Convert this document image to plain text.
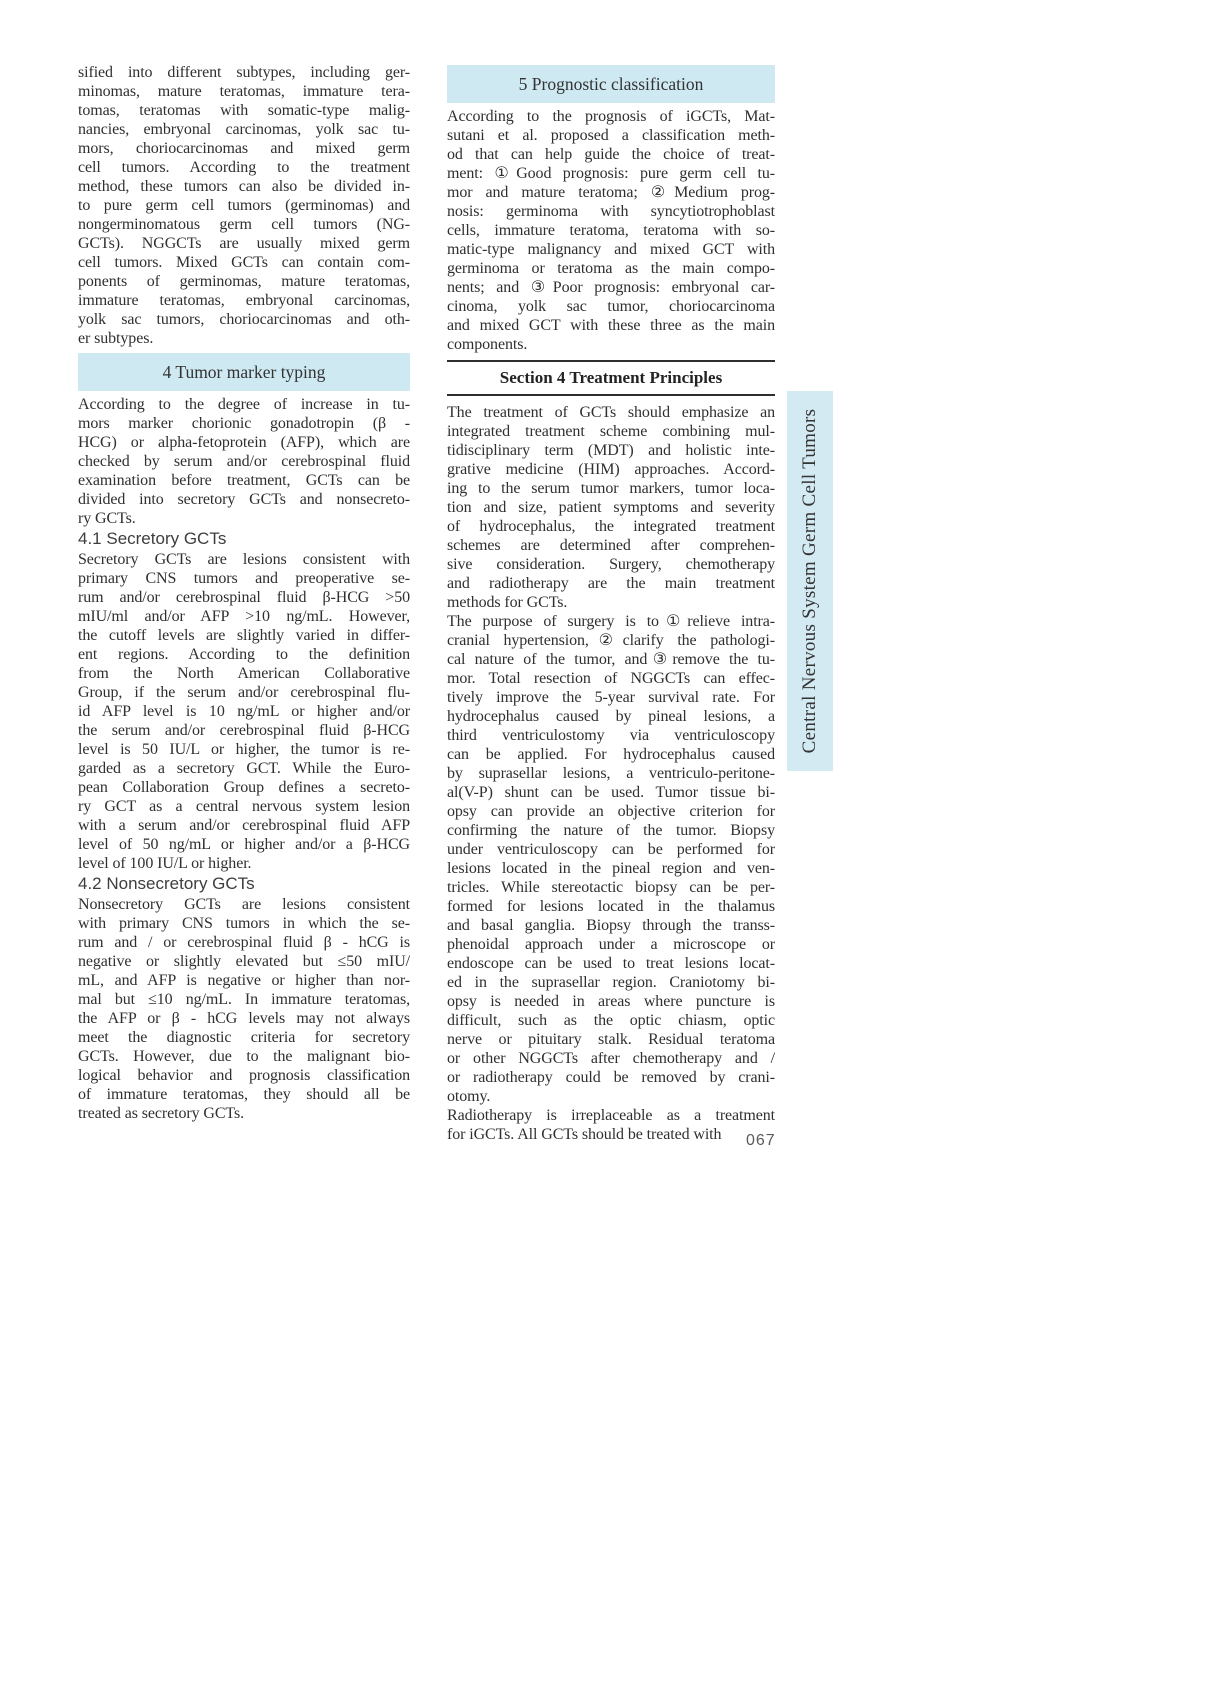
sified into different subtypes, including ger-
minomas, mature teratomas, immature tera-
tomas, teratomas with somatic-type malig-
nancies, embryonal carcinomas, yolk sac tu-
mors, choriocarcinomas and mixed germ
cell tumors. According to the treatment
method, these tumors can also be divided in-
to pure germ cell tumors (germinomas) and
nongerminomatous germ cell tumors (NG-
GCTs). NGGCTs are usually mixed germ
cell tumors. Mixed GCTs can contain com-
ponents of germinomas, mature teratomas,
immature teratomas, embryonal carcinomas,
yolk sac tumors, choriocarcinomas and oth-
er subtypes.
4 Tumor marker typing
According to the degree of increase in tu-
mors marker chorionic gonadotropin (β -
HCG) or alpha-fetoprotein (AFP), which are
checked by serum and/or cerebrospinal fluid
examination before treatment, GCTs can be
divided into secretory GCTs and nonsecreto-
ry GCTs.
4.1 Secretory GCTs
Secretory GCTs are lesions consistent with
primary CNS tumors and preoperative se-
rum and/or cerebrospinal fluid β-HCG >50
mIU/ml and/or AFP >10 ng/mL. However,
the cutoff levels are slightly varied in differ-
ent regions. According to the definition
from the North American Collaborative
Group, if the serum and/or cerebrospinal flu-
id AFP level is 10 ng/mL or higher and/or
the serum and/or cerebrospinal fluid β-HCG
level is 50 IU/L or higher, the tumor is re-
garded as a secretory GCT. While the Euro-
pean Collaboration Group defines a secreto-
ry GCT as a central nervous system lesion
with a serum and/or cerebrospinal fluid AFP
level of 50 ng/mL or higher and/or a β-HCG
level of 100 IU/L or higher.
4.2 Nonsecretory GCTs
Nonsecretory GCTs are lesions consistent
with primary CNS tumors in which the se-
rum and / or cerebrospinal fluid β - hCG is
negative or slightly elevated but ≤50 mIU/
mL, and AFP is negative or higher than nor-
mal but ≤10 ng/mL. In immature teratomas,
the AFP or β - hCG levels may not always
meet the diagnostic criteria for secretory
GCTs. However, due to the malignant bio-
logical behavior and prognosis classification
of immature teratomas, they should all be
treated as secretory GCTs.
5 Prognostic classification
According to the prognosis of iGCTs, Mat-
sutani et al. proposed a classification meth-
od that can help guide the choice of treat-
ment: ①Good prognosis: pure germ cell tu-
mor and mature teratoma; ②Medium prog-
nosis: germinoma with syncytiotrophoblast
cells, immature teratoma, teratoma with so-
matic-type malignancy and mixed GCT with
germinoma or teratoma as the main compo-
nents; and ③Poor prognosis: embryonal car-
cinoma, yolk sac tumor, choriocarcinoma
and mixed GCT with these three as the main
components.
Section 4 Treatment Principles
The treatment of GCTs should emphasize an
integrated treatment scheme combining mul-
tidisciplinary term (MDT) and holistic inte-
grative medicine (HIM) approaches. Accord-
ing to the serum tumor markers, tumor loca-
tion and size, patient symptoms and severity
of hydrocephalus, the integrated treatment
schemes are determined after comprehen-
sive consideration. Surgery, chemotherapy
and radiotherapy are the main treatment
methods for GCTs.
The purpose of surgery is to①relieve intra-
cranial hypertension,②clarify the pathologi-
cal nature of the tumor, and③remove the tu-
mor. Total resection of NGGCTs can effec-
tively improve the 5-year survival rate. For
hydrocephalus caused by pineal lesions, a
third ventriculostomy via ventriculoscopy
can be applied. For hydrocephalus caused
by suprasellar lesions, a ventriculo-peritone-
al(V-P) shunt can be used. Tumor tissue bi-
opsy can provide an objective criterion for
confirming the nature of the tumor. Biopsy
under ventriculoscopy can be performed for
lesions located in the pineal region and ven-
tricles. While stereotactic biopsy can be per-
formed for lesions located in the thalamus
and basal ganglia. Biopsy through the transs-
phenoidal approach under a microscope or
endoscope can be used to treat lesions locat-
ed in the suprasellar region. Craniotomy bi-
opsy is needed in areas where puncture is
difficult, such as the optic chiasm, optic
nerve or pituitary stalk. Residual teratoma
or other NGGCTs after chemotherapy and /
or radiotherapy could be removed by crani-
otomy.
Radiotherapy is irreplaceable as a treatment
for iGCTs. All GCTs should be treated with
Central Nervous System Germ Cell Tumors
067
